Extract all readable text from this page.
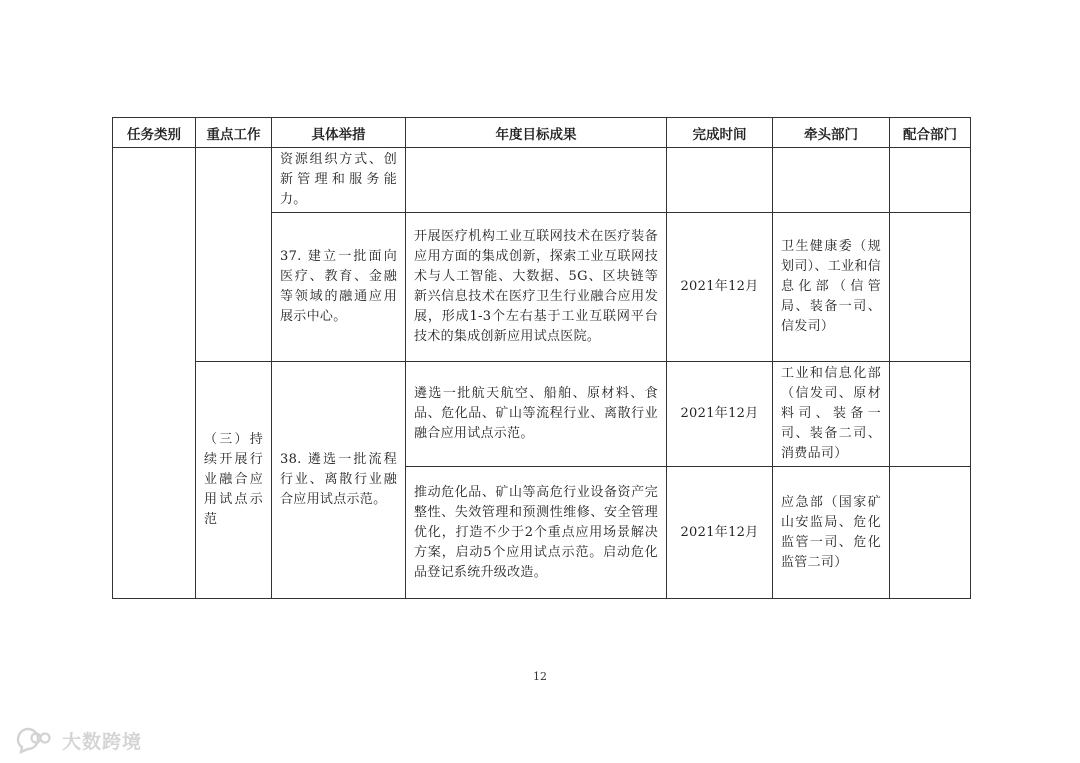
任务类别	重点工作	具体举措	年度目标成果	完成时间	牵头部门	配合部门

		资源组织方式、创新管理和服务能力。				

		37. 建立一批面向医疗、教育、金融等领域的融通应用展示中心。	开展医疗机构工业互联网技术在医疗装备应用方面的集成创新，探索工业互联网技术与人工智能、大数据、5G、区块链等新兴信息技术在医疗卫生行业融合应用发展，形成1-3个左右基于工业互联网平台技术的集成创新应用试点医院。	2021年12月	卫生健康委（规划司）、工业和信息化部（信管局、装备一司、信发司）	

	（三）持续开展行业融合应用试点示范	38. 遴选一批流程行业、离散行业融合应用试点示范。	遴选一批航天航空、船舶、原材料、食品、危化品、矿山等流程行业、离散行业融合应用试点示范。	2021年12月	工业和信息化部（信发司、原材料司、装备一司、装备二司、消费品司）	

			推动危化品、矿山等高危行业设备资产完整性、失效管理和预测性维修、安全管理优化，打造不少于2个重点应用场景解决方案，启动5个应用试点示范。启动危化品登记系统升级改造。	2021年12月	应急部（国家矿山安监局、危化监管一司、危化监管二司）	

12
大数跨境
